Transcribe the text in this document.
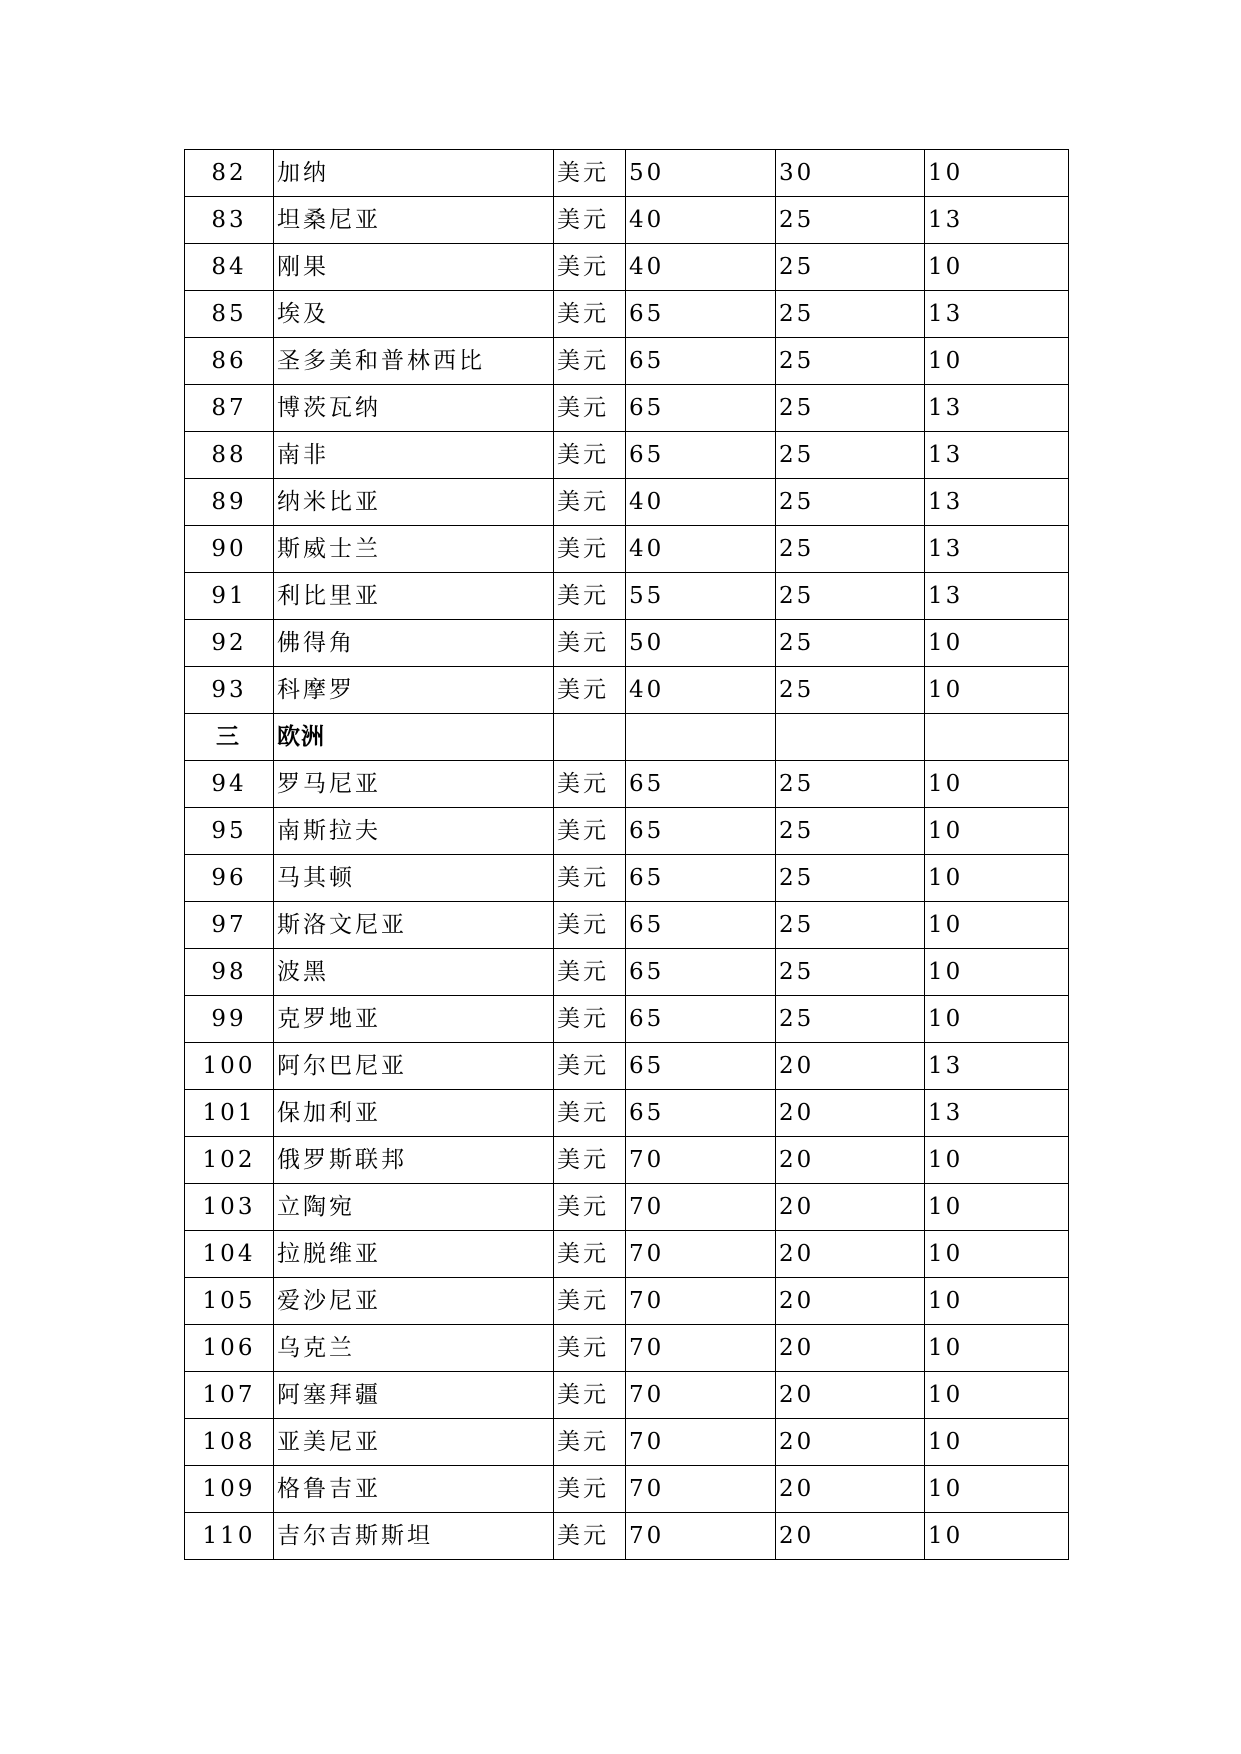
82	加纳	美元	50	30	10
83	坦桑尼亚	美元	40	25	13
84	刚果	美元	40	25	10
85	埃及	美元	65	25	13
86	圣多美和普林西比	美元	65	25	10
87	博茨瓦纳	美元	65	25	13
88	南非	美元	65	25	13
89	纳米比亚	美元	40	25	13
90	斯威士兰	美元	40	25	13
91	利比里亚	美元	55	25	13
92	佛得角	美元	50	25	10
93	科摩罗	美元	40	25	10
三	欧洲				
94	罗马尼亚	美元	65	25	10
95	南斯拉夫	美元	65	25	10
96	马其顿	美元	65	25	10
97	斯洛文尼亚	美元	65	25	10
98	波黑	美元	65	25	10
99	克罗地亚	美元	65	25	10
100	阿尔巴尼亚	美元	65	20	13
101	保加利亚	美元	65	20	13
102	俄罗斯联邦	美元	70	20	10
103	立陶宛	美元	70	20	10
104	拉脱维亚	美元	70	20	10
105	爱沙尼亚	美元	70	20	10
106	乌克兰	美元	70	20	10
107	阿塞拜疆	美元	70	20	10
108	亚美尼亚	美元	70	20	10
109	格鲁吉亚	美元	70	20	10
110	吉尔吉斯斯坦	美元	70	20	10
